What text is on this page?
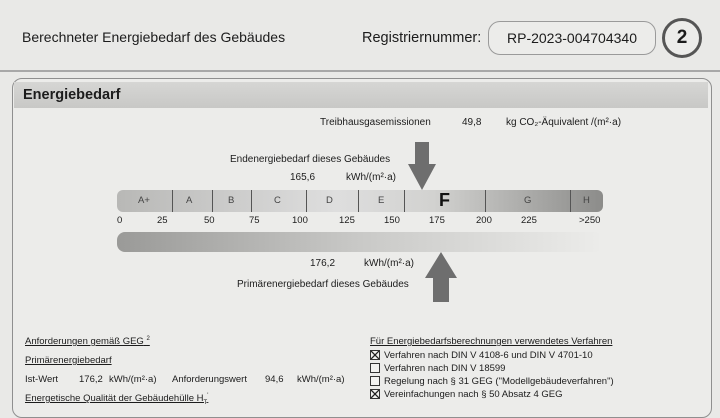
Berechneter Energiebedarf des Gebäudes	Registriernummer: RP-2023-004704340 2
Energiebedarf
Treibhausgasemissionen	49,8 kg CO₂-Äquivalent /(m²·a)
Endenergiebedarf dieses Gebäudes
165,6	kWh/(m²·a)
A+	A	B	C	D	E	F	G	H
0	25	50	75	100	125	150	175	200	225	>250
176,2	kWh/(m²·a)
Primärenergiebedarf dieses Gebäudes
Anforderungen gemäß GEG $^2$
Primärenergiebedarf
Ist-Wert 176,2 kWh/(m²·a) Anforderungswert 94,6 kWh/(m²·a)
Energetische Qualität der Gebäudehülle $H_T'$
Für Energiebedarfsberechnungen verwendetes Verfahren
Verfahren nach DIN V 4108-6 und DIN V 4701-10
Verfahren nach DIN V 18599
Regelung nach § 31 GEG ("Modellgebäudeverfahren")
Vereinfachungen nach § 50 Absatz 4 GEG
